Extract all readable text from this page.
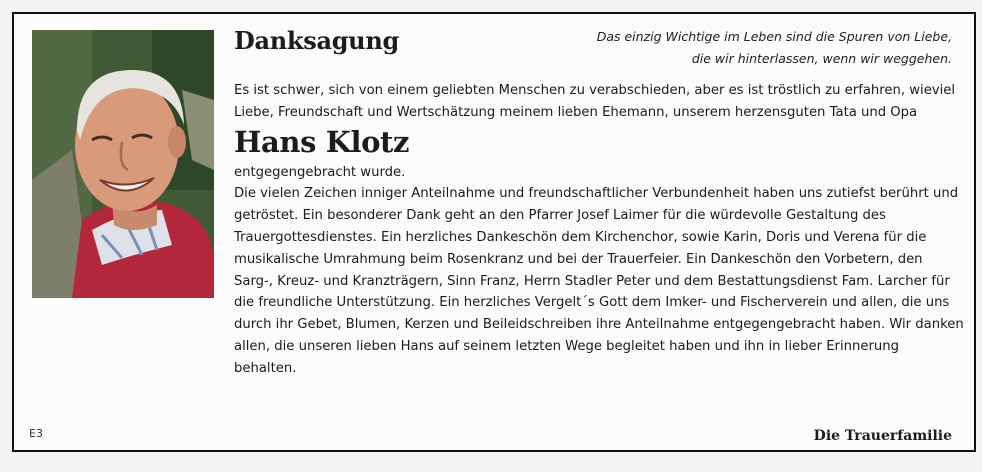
Danksagung	Das einzig Wichtige im Leben sind die Spuren von Liebe,
die wir hinterlassen, wenn wir weggehen.

Es ist schwer, sich von einem geliebten Menschen zu verabschieden, aber es ist tröstlich zu erfahren, wieviel Liebe, Freundschaft und Wertschätzung meinem lieben Ehemann, unserem herzensguten Tata und Opa

Hans Klotz

entgegengebracht wurde.

Die vielen Zeichen inniger Anteilnahme und freundschaftlicher Verbundenheit haben uns zutiefst berührt und getröstet. Ein besonderer Dank geht an den Pfarrer Josef Laimer für die würdevolle Gestaltung des Trauergottesdienstes. Ein herzliches Dankeschön dem Kirchenchor, sowie Karin, Doris und Verena für die musikalische Umrahmung beim Rosenkranz und bei der Trauerfeier. Ein Dankeschön den Vorbetern, den Sarg-, Kreuz- und Kranzträgern, Sinn Franz, Herrn Stadler Peter und dem Bestattungsdienst Fam. Larcher für die freundliche Unterstützung. Ein herzliches Vergelt´s Gott dem Imker- und Fischerverein und allen, die uns durch ihr Gebet, Blumen, Kerzen und Beileidschreiben ihre Anteilnahme entgegengebracht haben. Wir danken allen, die unseren lieben Hans auf seinem letzten Wege begleitet haben und ihn in lieber Erinnerung behalten.

E3	Die Trauerfamilie
